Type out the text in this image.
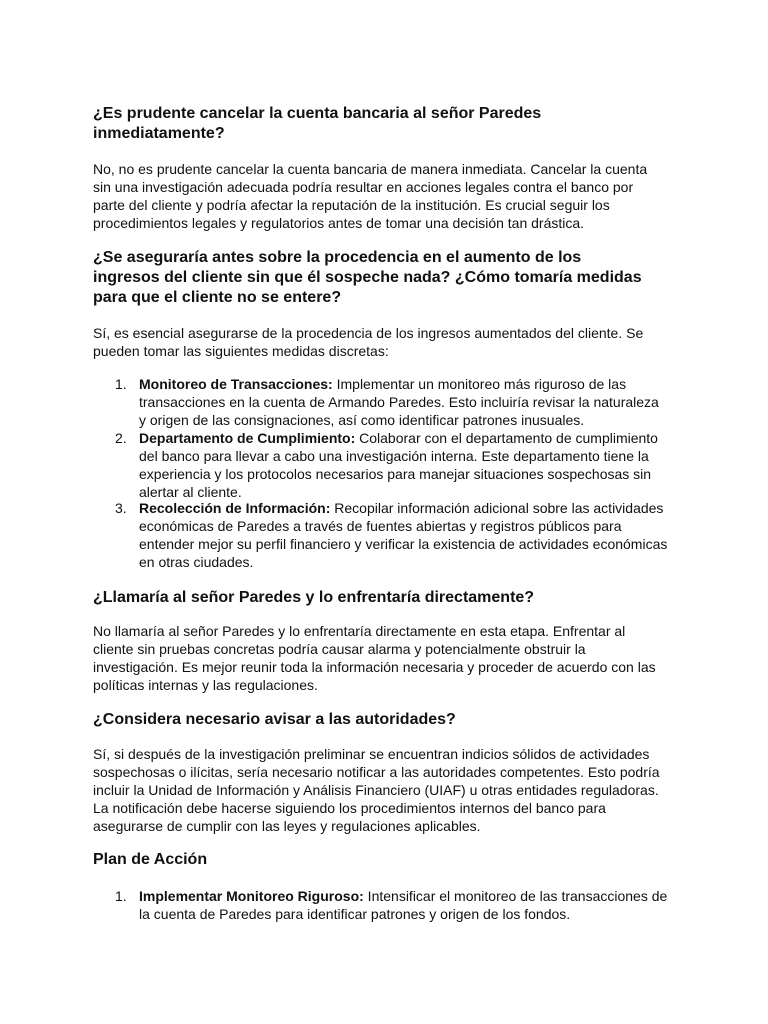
¿Es prudente cancelar la cuenta bancaria al señor Paredes
inmediatamente?
No, no es prudente cancelar la cuenta bancaria de manera inmediata. Cancelar la cuenta
sin una investigación adecuada podría resultar en acciones legales contra el banco por
parte del cliente y podría afectar la reputación de la institución. Es crucial seguir los
procedimientos legales y regulatorios antes de tomar una decisión tan drástica.
¿Se aseguraría antes sobre la procedencia en el aumento de los
ingresos del cliente sin que él sospeche nada? ¿Cómo tomaría medidas
para que el cliente no se entere?
Sí, es esencial asegurarse de la procedencia de los ingresos aumentados del cliente. Se
pueden tomar las siguientes medidas discretas:
1. Monitoreo de Transacciones: Implementar un monitoreo más riguroso de las
transacciones en la cuenta de Armando Paredes. Esto incluiría revisar la naturaleza
y origen de las consignaciones, así como identificar patrones inusuales.
2. Departamento de Cumplimiento: Colaborar con el departamento de cumplimiento
del banco para llevar a cabo una investigación interna. Este departamento tiene la
experiencia y los protocolos necesarios para manejar situaciones sospechosas sin
alertar al cliente.
3. Recolección de Información: Recopilar información adicional sobre las actividades
económicas de Paredes a través de fuentes abiertas y registros públicos para
entender mejor su perfil financiero y verificar la existencia de actividades económicas
en otras ciudades.
¿Llamaría al señor Paredes y lo enfrentaría directamente?
No llamaría al señor Paredes y lo enfrentaría directamente en esta etapa. Enfrentar al
cliente sin pruebas concretas podría causar alarma y potencialmente obstruir la
investigación. Es mejor reunir toda la información necesaria y proceder de acuerdo con las
políticas internas y las regulaciones.
¿Considera necesario avisar a las autoridades?
Sí, si después de la investigación preliminar se encuentran indicios sólidos de actividades
sospechosas o ilícitas, sería necesario notificar a las autoridades competentes. Esto podría
incluir la Unidad de Información y Análisis Financiero (UIAF) u otras entidades reguladoras.
La notificación debe hacerse siguiendo los procedimientos internos del banco para
asegurarse de cumplir con las leyes y regulaciones aplicables.
Plan de Acción
1. Implementar Monitoreo Riguroso: Intensificar el monitoreo de las transacciones de
la cuenta de Paredes para identificar patrones y origen de los fondos.
